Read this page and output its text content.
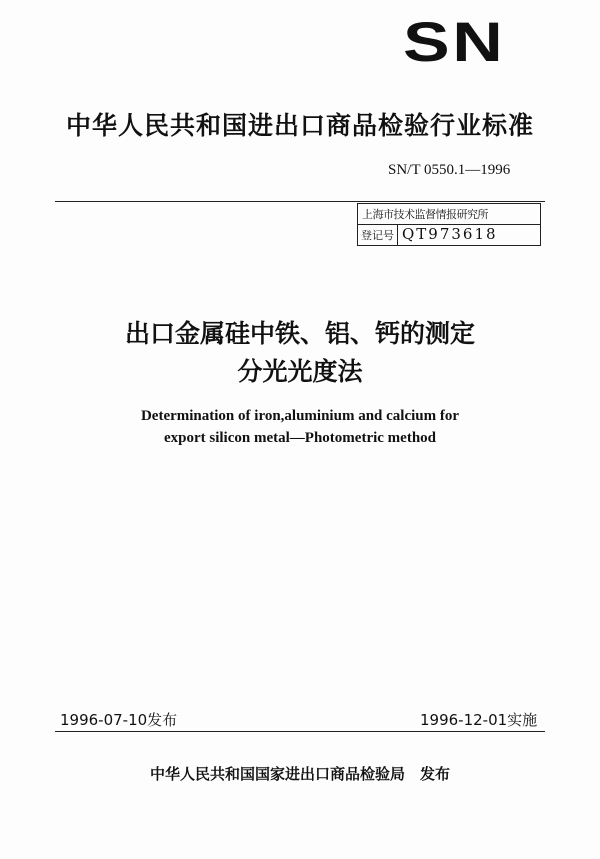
SN
中华人民共和国进出口商品检验行业标准
SN/T 0550.1—1996
上海市技术监督情报研究所
登记号 QT973618
出口金属硅中铁、铝、钙的测定
分光光度法
Determination of iron,aluminium and calcium for
export silicon metal—Photometric method
1996-07-10发布	1996-12-01实施
中华人民共和国国家进出口商品检验局　发布
